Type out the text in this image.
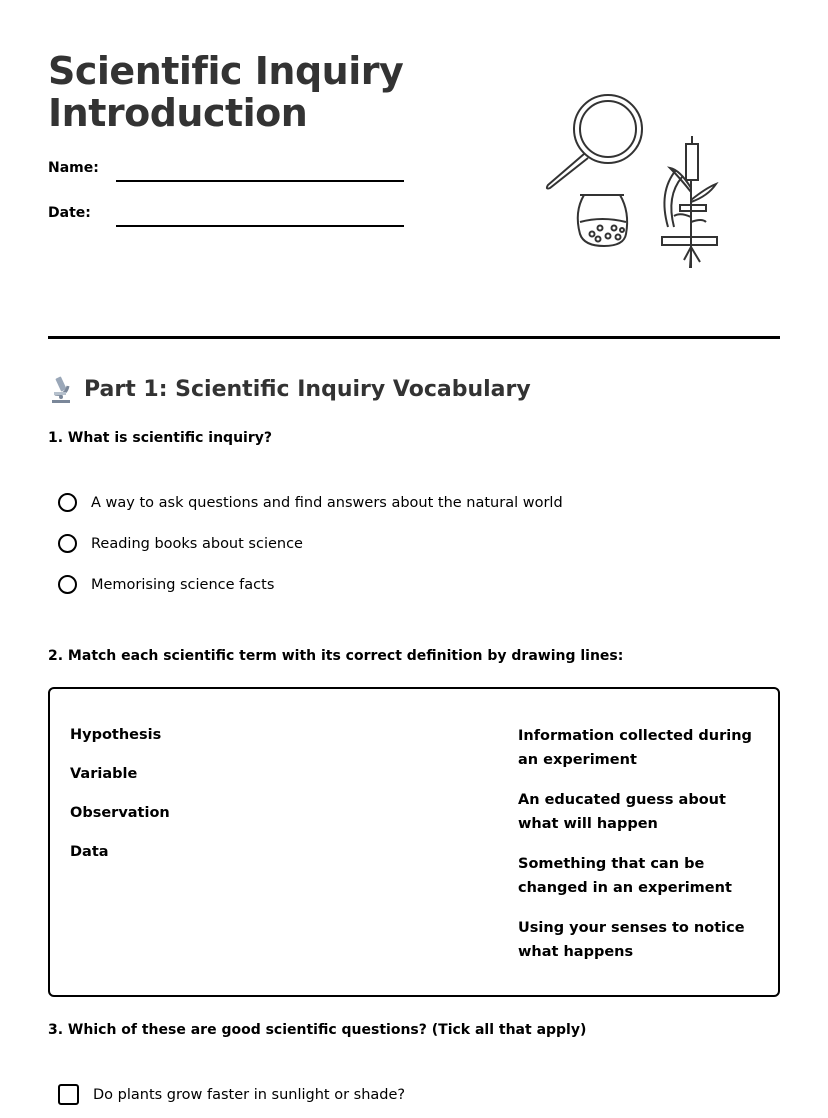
Scientific Inquiry
Introduction
Name:
Date:
Part 1: Scientific Inquiry Vocabulary

1. What is scientific inquiry?

A way to ask questions and find answers about the natural world
Reading books about science
Memorising science facts

2. Match each scientific term with its correct definition by drawing lines:

Hypothesis
Variable
Observation
Data
Information collected during an experiment
An educated guess about what will happen
Something that can be changed in an experiment
Using your senses to notice what happens

3. Which of these are good scientific questions? (Tick all that apply)

Do plants grow faster in sunlight or shade?
